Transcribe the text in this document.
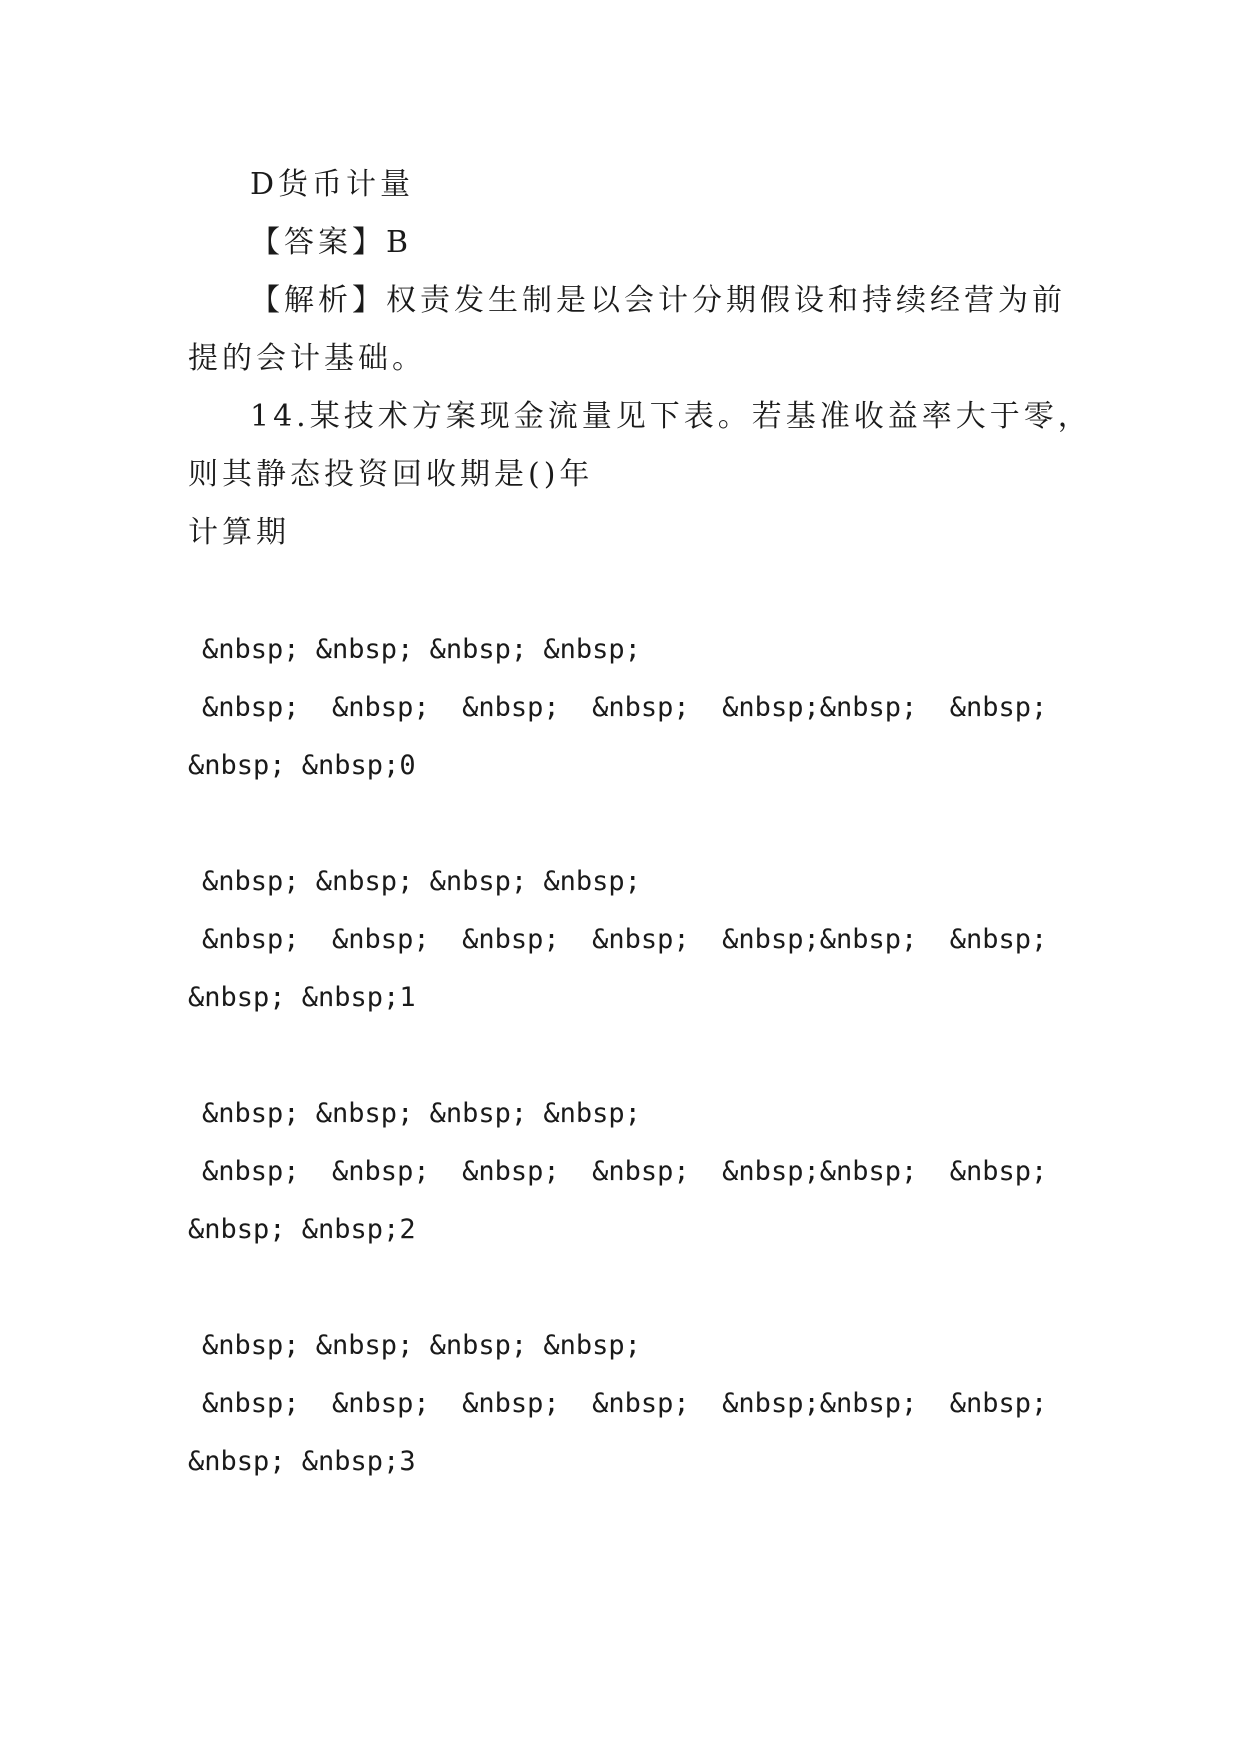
D货币计量
【答案】B
【解析】权责发生制是以会计分期假设和持续经营为前
提的会计基础。
14.某技术方案现金流量见下表。若基准收益率大于零，
则其静态投资回收期是()年
计算期
&nbsp; &nbsp; &nbsp; &nbsp;
&nbsp;  &nbsp;  &nbsp;  &nbsp;  &nbsp;&nbsp;  &nbsp;
&nbsp; &nbsp;0
&nbsp; &nbsp; &nbsp; &nbsp;
&nbsp;  &nbsp;  &nbsp;  &nbsp;  &nbsp;&nbsp;  &nbsp;
&nbsp; &nbsp;1
&nbsp; &nbsp; &nbsp; &nbsp;
&nbsp;  &nbsp;  &nbsp;  &nbsp;  &nbsp;&nbsp;  &nbsp;
&nbsp; &nbsp;2
&nbsp; &nbsp; &nbsp; &nbsp;
&nbsp;  &nbsp;  &nbsp;  &nbsp;  &nbsp;&nbsp;  &nbsp;
&nbsp; &nbsp;3
